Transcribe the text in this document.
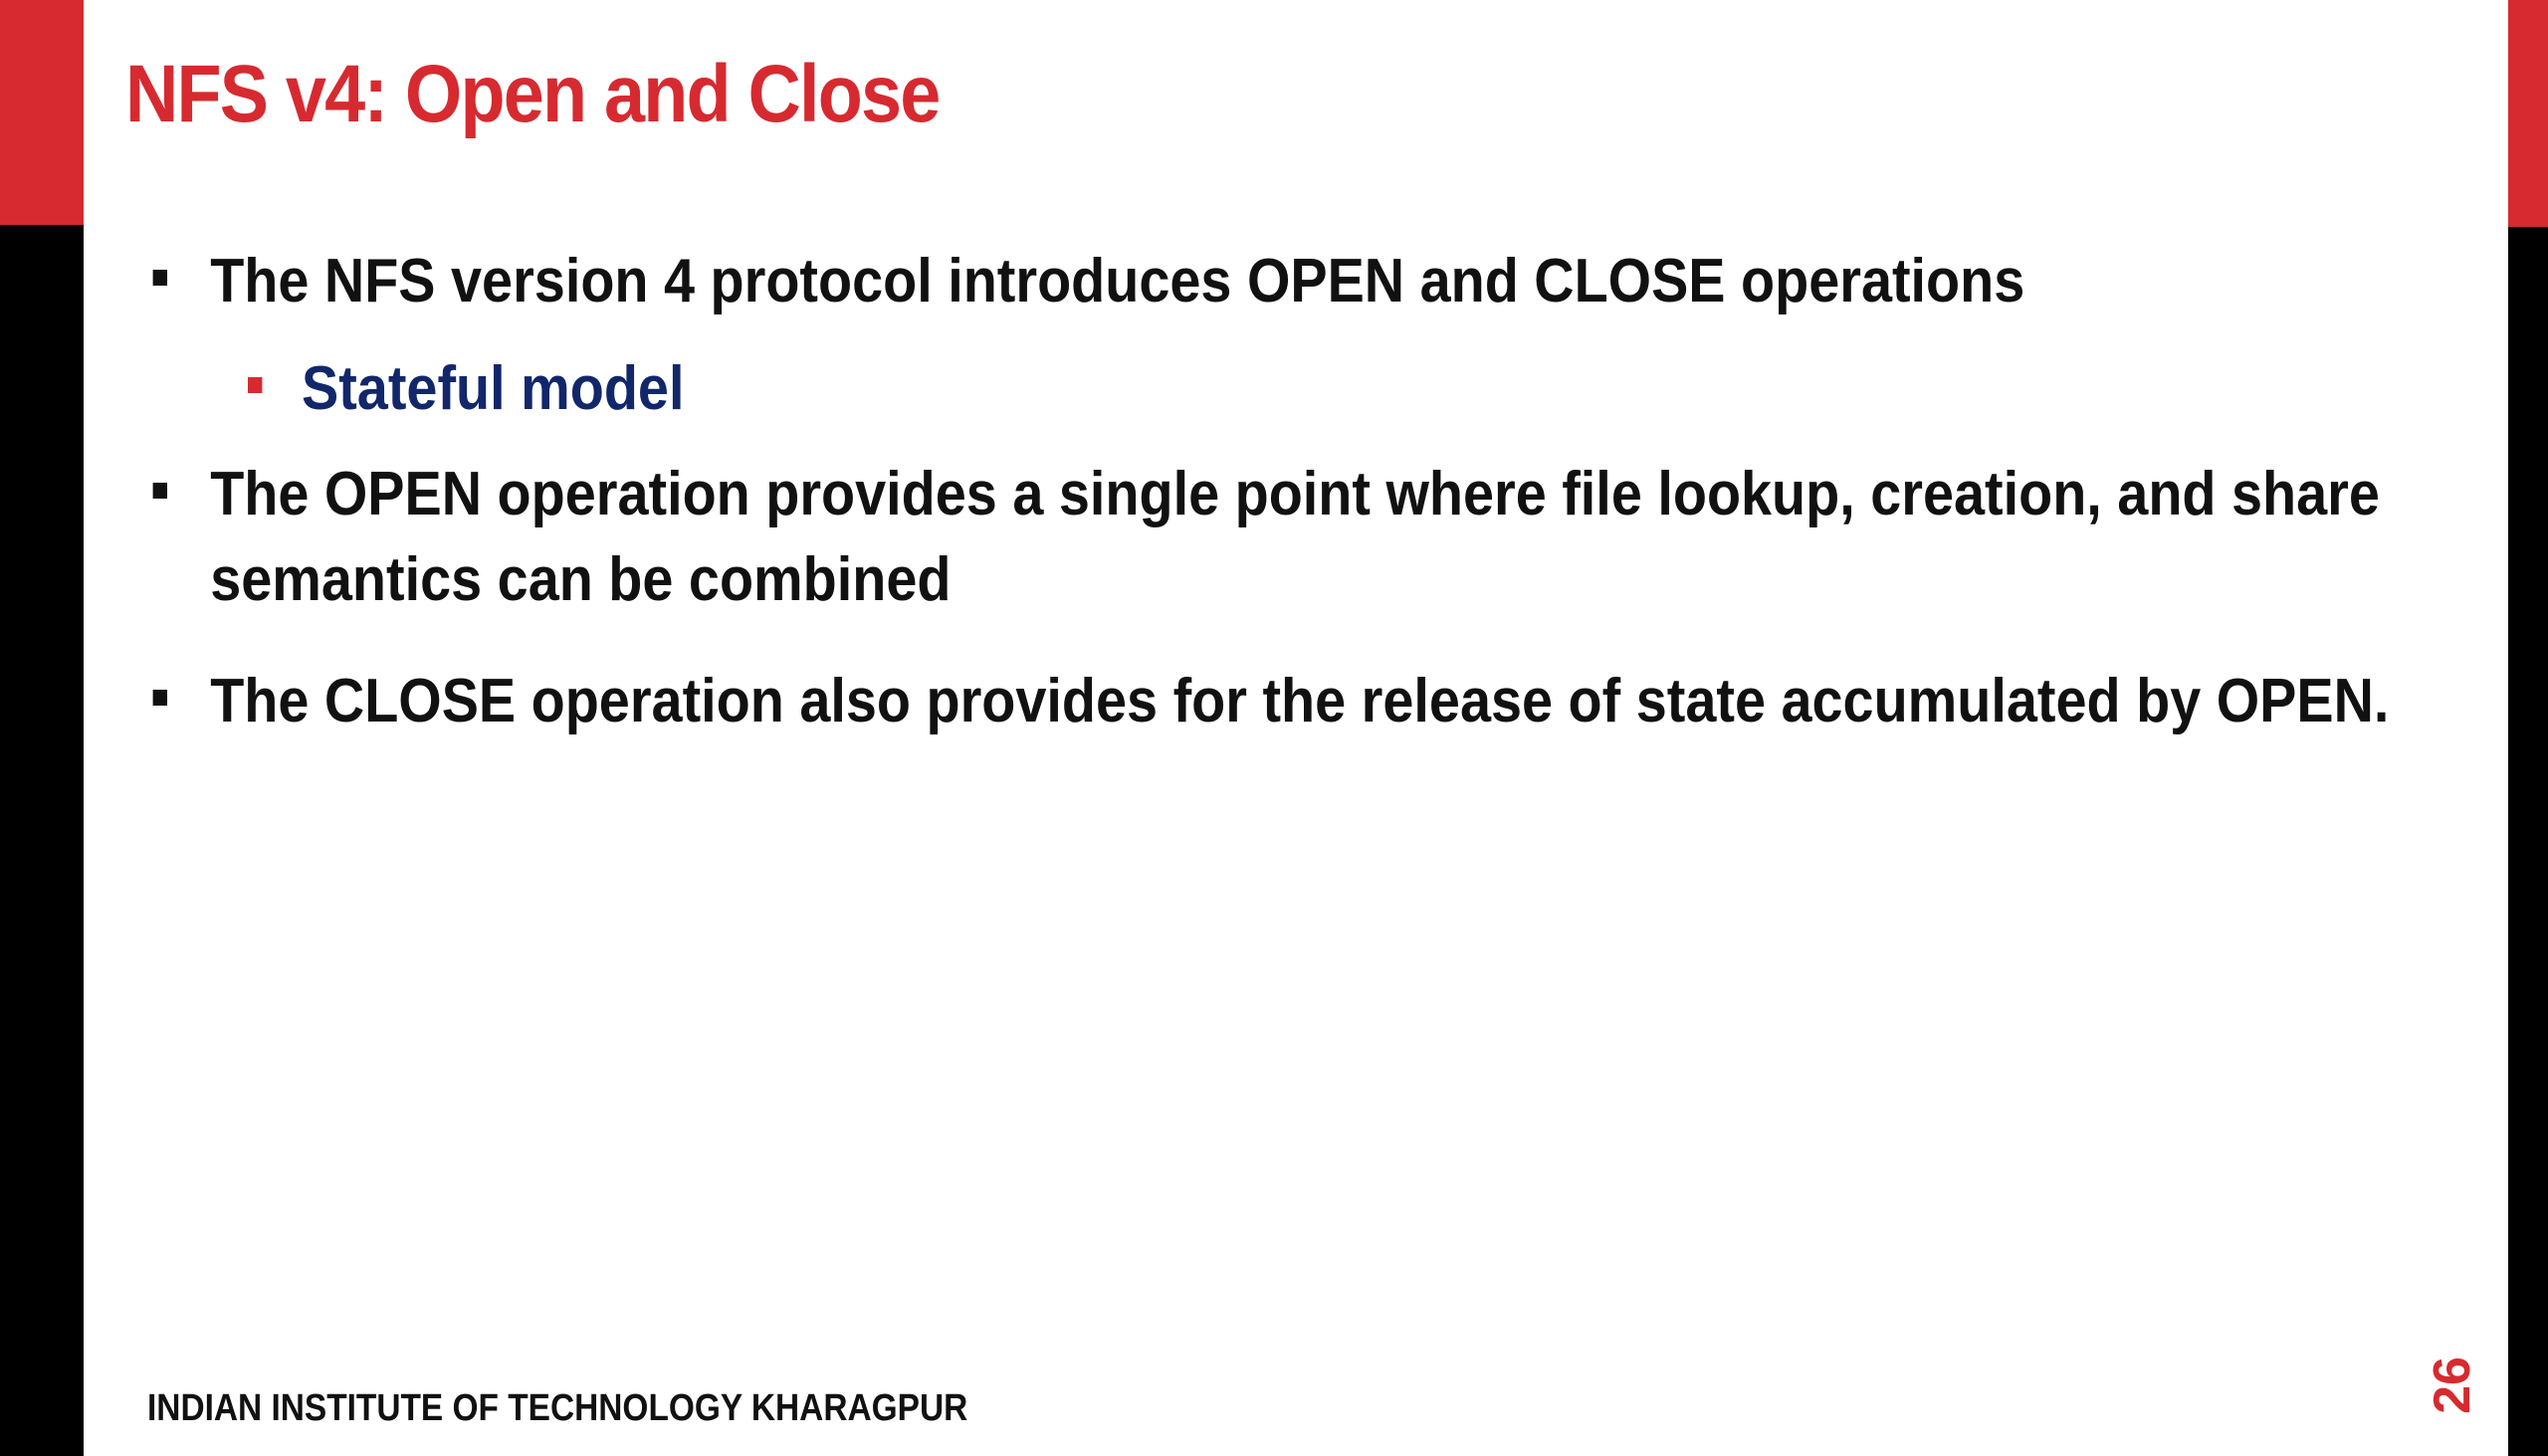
NFS v4: Open and Close
The NFS version 4 protocol introduces OPEN and CLOSE operations
Stateful model
The OPEN operation provides a single point where file lookup, creation, and share semantics can be combined
The CLOSE operation also provides for the release of state accumulated by OPEN.
INDIAN INSTITUTE OF TECHNOLOGY KHARAGPUR	26
